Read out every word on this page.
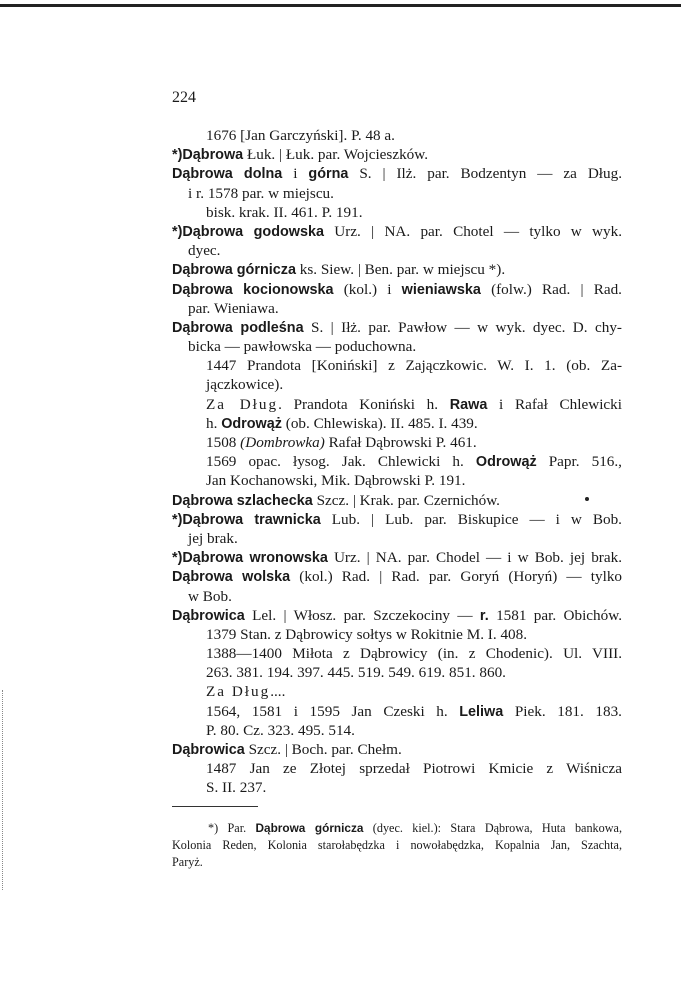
224
1676 [Jan Garczyński]. P. 48 a.
*)Dąbrowa Łuk. | Łuk. par. Wojcieszków.
Dąbrowa dolna i górna S. | Ilż. par. Bodzentyn — za Dług.
i r. 1578 par. w miejscu.
bisk. krak. II. 461. P. 191.
*)Dąbrowa godowska Urz. | NA. par. Chotel — tylko w wyk.
dyec.
Dąbrowa górnicza ks. Siew. | Ben. par. w miejscu *).
Dąbrowa kocionowska (kol.) i wieniawska (folw.) Rad. | Rad.
par. Wieniawa.
Dąbrowa podleśna S. | Iłż. par. Pawłow — w wyk. dyec. D. chy-
bicka — pawłowska — poduchowna.
1447 Prandota [Koniński] z Zajączkowic. W. I. 1. (ob. Za-
jączkowice).
Za Dług. Prandota Koniński h. Rawa i Rafał Chlewicki
h. Odrowąż (ob. Chlewiska). II. 485. I. 439.
1508 (Dombrowka) Rafał Dąbrowski P. 461.
1569 opac. łysog. Jak. Chlewicki h. Odrowąż Papr. 516.,
Jan Kochanowski, Mik. Dąbrowski P. 191.
Dąbrowa szlachecka Szcz. | Krak. par. Czernichów.
*)Dąbrowa trawnicka Lub. | Lub. par. Biskupice — i w Bob.
jej brak.
*)Dąbrowa wronowska Urz. | NA. par. Chodel — i w Bob. jej brak.
Dąbrowa wolska (kol.) Rad. | Rad. par. Goryń (Horyń) — tylko
w Bob.
Dąbrowica Lel. | Włosz. par. Szczekociny — r. 1581 par. Obichów.
1379 Stan. z Dąbrowicy sołtys w Rokitnie M. I. 408.
1388—1400 Miłota z Dąbrowicy (in. z Chodenic). Ul. VIII.
263. 381. 194. 397. 445. 519. 549. 619. 851. 860.
Za Dług....
1564, 1581 i 1595 Jan Czeski h. Leliwa Piek. 181. 183.
P. 80. Cz. 323. 495. 514.
Dąbrowica Szcz. | Boch. par. Chełm.
1487 Jan ze Złotej sprzedał Piotrowi Kmicie z Wiśnicza
S. II. 237.
*) Par. Dąbrowa górnicza (dyec. kiel.): Stara Dąbrowa, Huta bankowa,
Kolonia Reden, Kolonia starołabędzka i nowołabędzka, Kopalnia Jan, Szachta,
Paryż.
